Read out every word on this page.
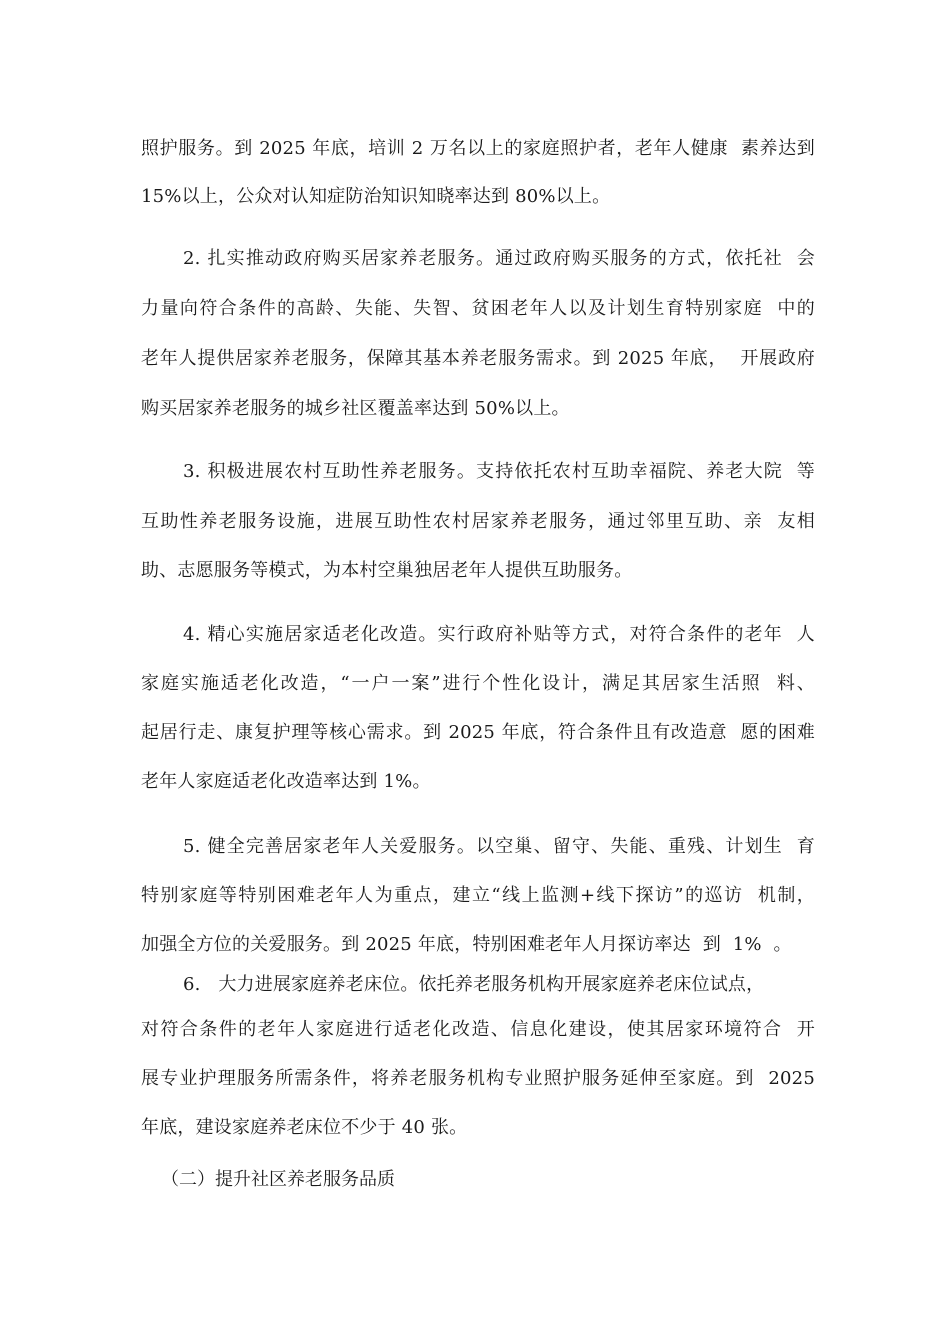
照护服务。到 2025 年底，培训 2 万名以上的家庭照护者，老年人健康  素养达到
15%以上，公众对认知症防治知识知晓率达到 80%以上。
2. 扎实推动政府购买居家养老服务。通过政府购买服务的方式，依托社  会
力量向符合条件的高龄、失能、失智、贫困老年人以及计划生育特别家庭  中的
老年人提供居家养老服务，保障其基本养老服务需求。到 2025 年底，  开展政府
购买居家养老服务的城乡社区覆盖率达到 50%以上。
3. 积极进展农村互助性养老服务。支持依托农村互助幸福院、养老大院  等
互助性养老服务设施，进展互助性农村居家养老服务，通过邻里互助、亲  友相
助、志愿服务等模式，为本村空巢独居老年人提供互助服务。
4. 精心实施居家适老化改造。实行政府补贴等方式，对符合条件的老年  人
家庭实施适老化改造，“一户一案”进行个性化设计，满足其居家生活照  料、
起居行走、康复护理等核心需求。到 2025 年底，符合条件且有改造意  愿的困难
老年人家庭适老化改造率达到 1%。
5. 健全完善居家老年人关爱服务。以空巢、留守、失能、重残、计划生  育
特别家庭等特别困难老年人为重点，建立“线上监测+线下探访”的巡访  机制，
加强全方位的关爱服务。到 2025 年底，特别困难老年人月探访率达  到  1%  。
6.   大力进展家庭养老床位。依托养老服务机构开展家庭养老床位试点，
对符合条件的老年人家庭进行适老化改造、信息化建设，使其居家环境符合  开
展专业护理服务所需条件，将养老服务机构专业照护服务延伸至家庭。到  2025
年底，建设家庭养老床位不少于 40 张。
（二）提升社区养老服务品质
